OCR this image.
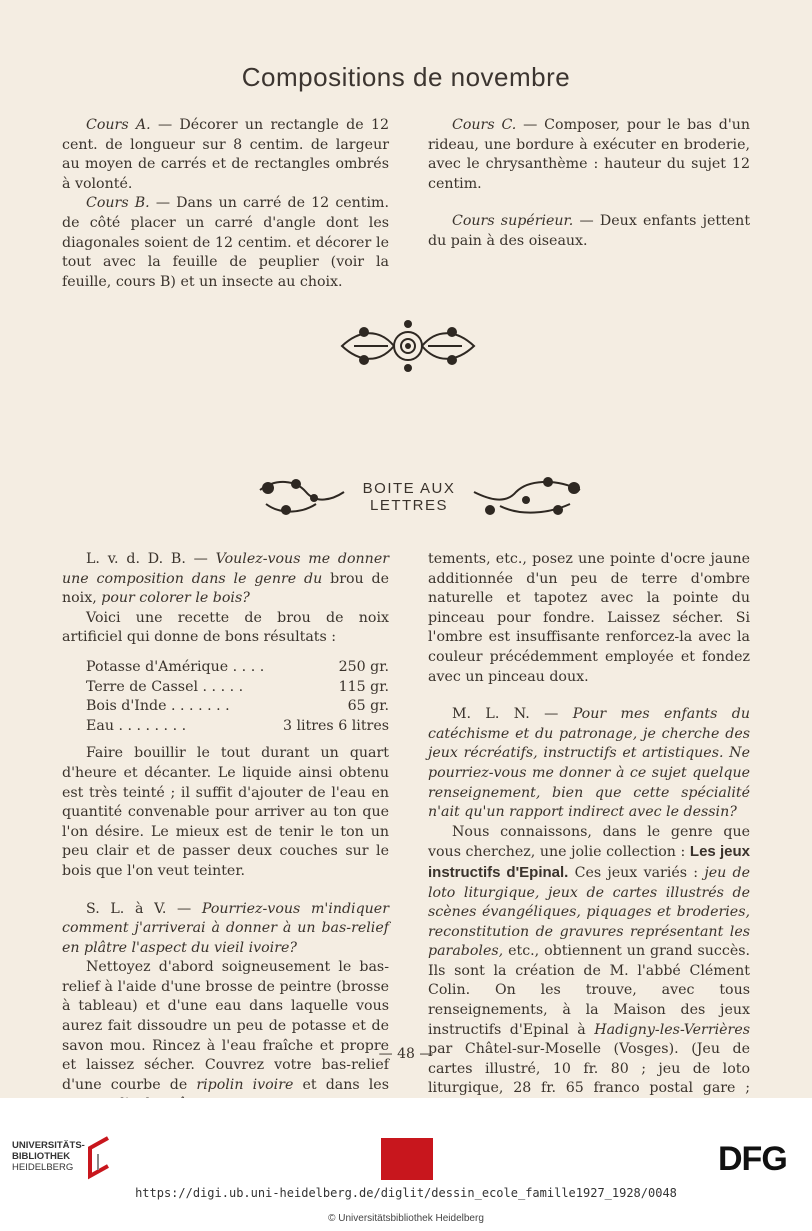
Compositions de novembre

Cours A. — Décorer un rectangle de 12 cent. de longueur sur 8 centim. de largeur au moyen de carrés et de rectangles ombrés à volonté.

Cours B. — Dans un carré de 12 centim. de côté placer un carré d'angle dont les diagonales soient de 12 centim. et décorer le tout avec la feuille de peuplier (voir la feuille, cours B) et un insecte au choix.

Cours C. — Composer, pour le bas d'un rideau, une bordure à exécuter en broderie, avec le chrysanthème : hauteur du sujet 12 centim.

Cours supérieur. — Deux enfants jettent du pain à des oiseaux.

BOITE AUX
LETTRES

L. v. d. D. B. — Voulez-vous me donner une composition dans le genre du brou de noix, pour colorer le bois?

Voici une recette de brou de noix artificiel qui donne de bons résultats :

Potasse d'Amérique . . . .	250 gr.
Terre de Cassel . . . . .	115 gr.
Bois d'Inde . . . . . . .	65 gr.
Eau . . . . . . . .	3 litres 6 litres

Faire bouillir le tout durant un quart d'heure et décanter. Le liquide ainsi obtenu est très teinté ; il suffit d'ajouter de l'eau en quantité convenable pour arriver au ton que l'on désire. Le mieux est de tenir le ton un peu clair et de passer deux couches sur le bois que l'on veut teinter.

S. L. à V. — Pourriez-vous m'indiquer comment j'arriverai à donner à un bas-relief en plâtre l'aspect du vieil ivoire?

Nettoyez d'abord soigneusement le bas-relief à l'aide d'une brosse de peintre (brosse à tableau) et d'une eau dans laquelle vous aurez fait dissoudre un peu de potasse et de savon mou. Rincez à l'eau fraîche et propre et laissez sécher. Couvrez votre bas-relief d'une courbe de ripolin ivoire et dans les

tements, etc., posez une pointe d'ocre jaune additionnée d'un peu de terre d'ombre naturelle et tapotez avec la pointe du pinceau pour fondre. Laissez sécher. Si l'ombre est insuffisante renforcez-la avec la couleur précédemment employée et fondez avec un pinceau doux.

M. L. N. — Pour mes enfants du catéchisme et du patronage, je cherche des jeux récréatifs, instructifs et artistiques. Ne pourriez-vous me donner à ce sujet quelque renseignement, bien que cette spécialité n'ait qu'un rapport indirect avec le dessin?

Nous connaissons, dans le genre que vous cherchez, une jolie collection : Les jeux instructifs d'Epinal. Ces jeux variés : jeu de loto liturgique, jeux de cartes illustrés de scènes évangéliques, piquages et broderies, reconstitution de gravures représentant les paraboles, etc., obtiennent un grand succès. Ils sont la création de M. l'abbé Clément Colin. On les trouve, avec tous renseignements, à la Maison des jeux instructifs d'Epinal à Hadigny-les-Verrières par Châtel-sur-Moselle (Vosges). (Jeu de cartes illustré, 10 fr. 80 ; jeu de loto liturgique, 28 fr. 65 franco postal gare ;

— 48 —
UNIVERSITÄTS-
BIBLIOTHEK
HEIDELBERG	DFG
https://digi.ub.uni-heidelberg.de/diglit/dessin_ecole_famille1927_1928/0048
© Universitätsbibliothek Heidelberg
